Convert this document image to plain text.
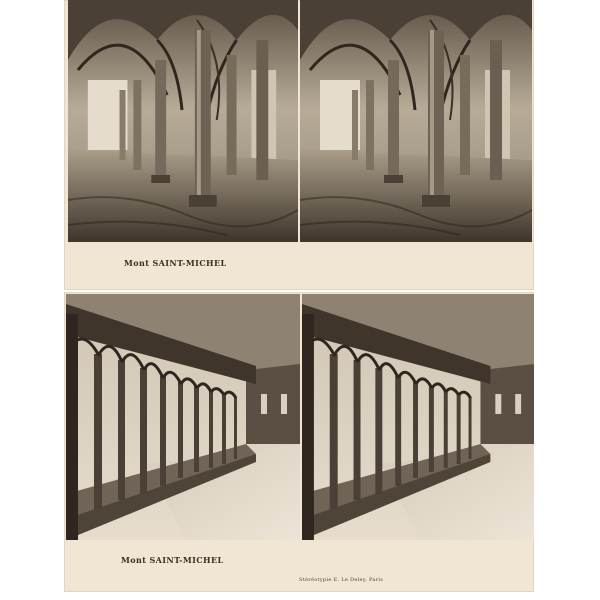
Mont SAINT-MICHEL
Mont SAINT-MICHEL
Stéréotypie E. Le Deley, Paris
